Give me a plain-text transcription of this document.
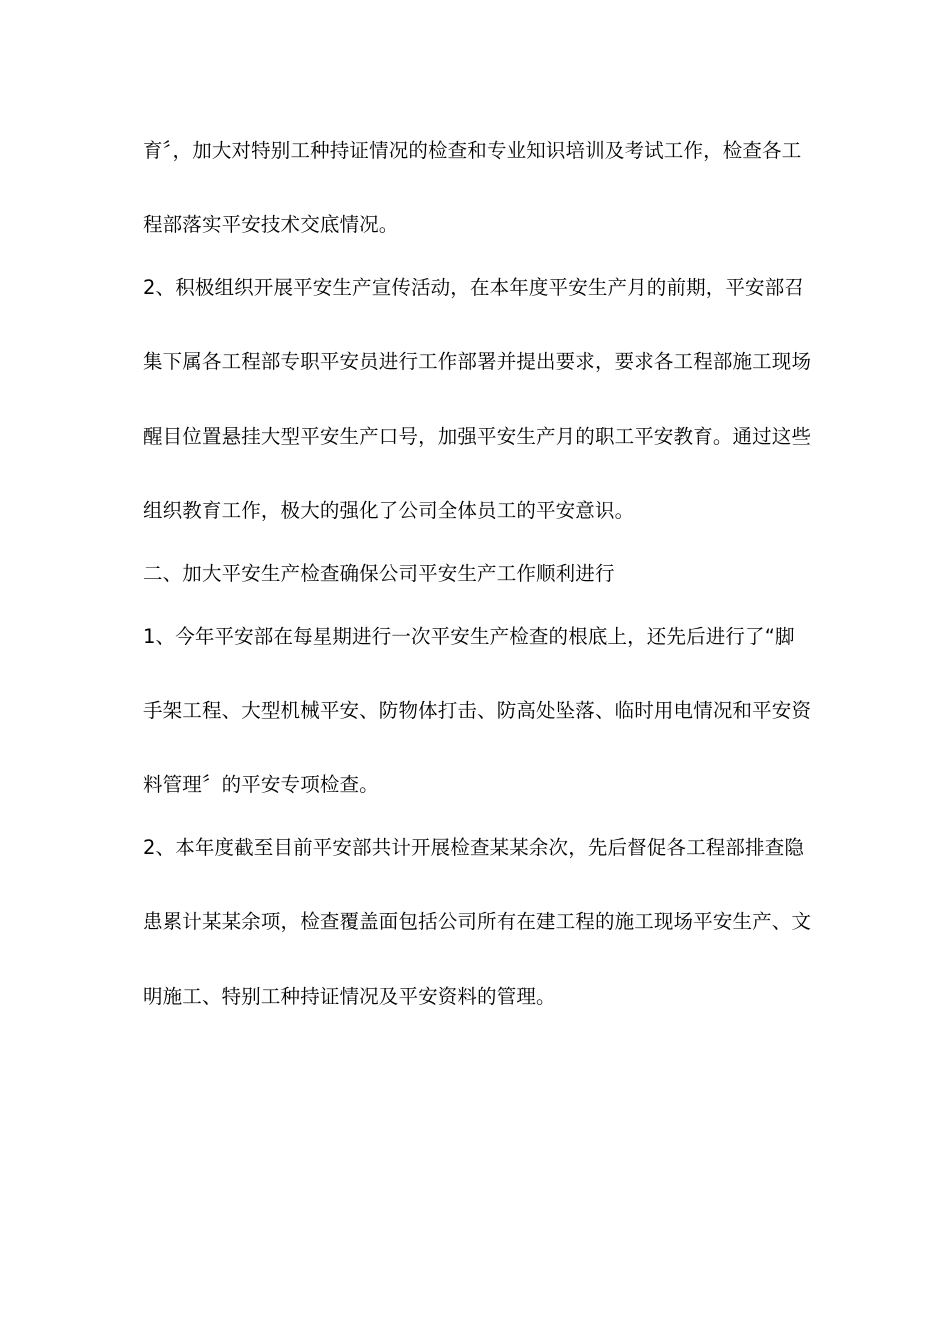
育〞，加大对特别工种持证情况的检查和专业知识培训及考试工作，检查各工
程部落实平安技术交底情况。
2、积极组织开展平安生产宣传活动，在本年度平安生产月的前期，平安部召
集下属各工程部专职平安员进行工作部署并提出要求，要求各工程部施工现场
醒目位置悬挂大型平安生产口号，加强平安生产月的职工平安教育。通过这些
组织教育工作，极大的强化了公司全体员工的平安意识。
二、加大平安生产检查确保公司平安生产工作顺利进行
1、今年平安部在每星期进行一次平安生产检查的根底上，还先后进行了“脚
手架工程、大型机械平安、防物体打击、防高处坠落、临时用电情况和平安资
料管理〞的平安专项检查。
2、本年度截至目前平安部共计开展检查某某余次，先后督促各工程部排查隐
患累计某某余项，检查覆盖面包括公司所有在建工程的施工现场平安生产、文
明施工、特别工种持证情况及平安资料的管理。
